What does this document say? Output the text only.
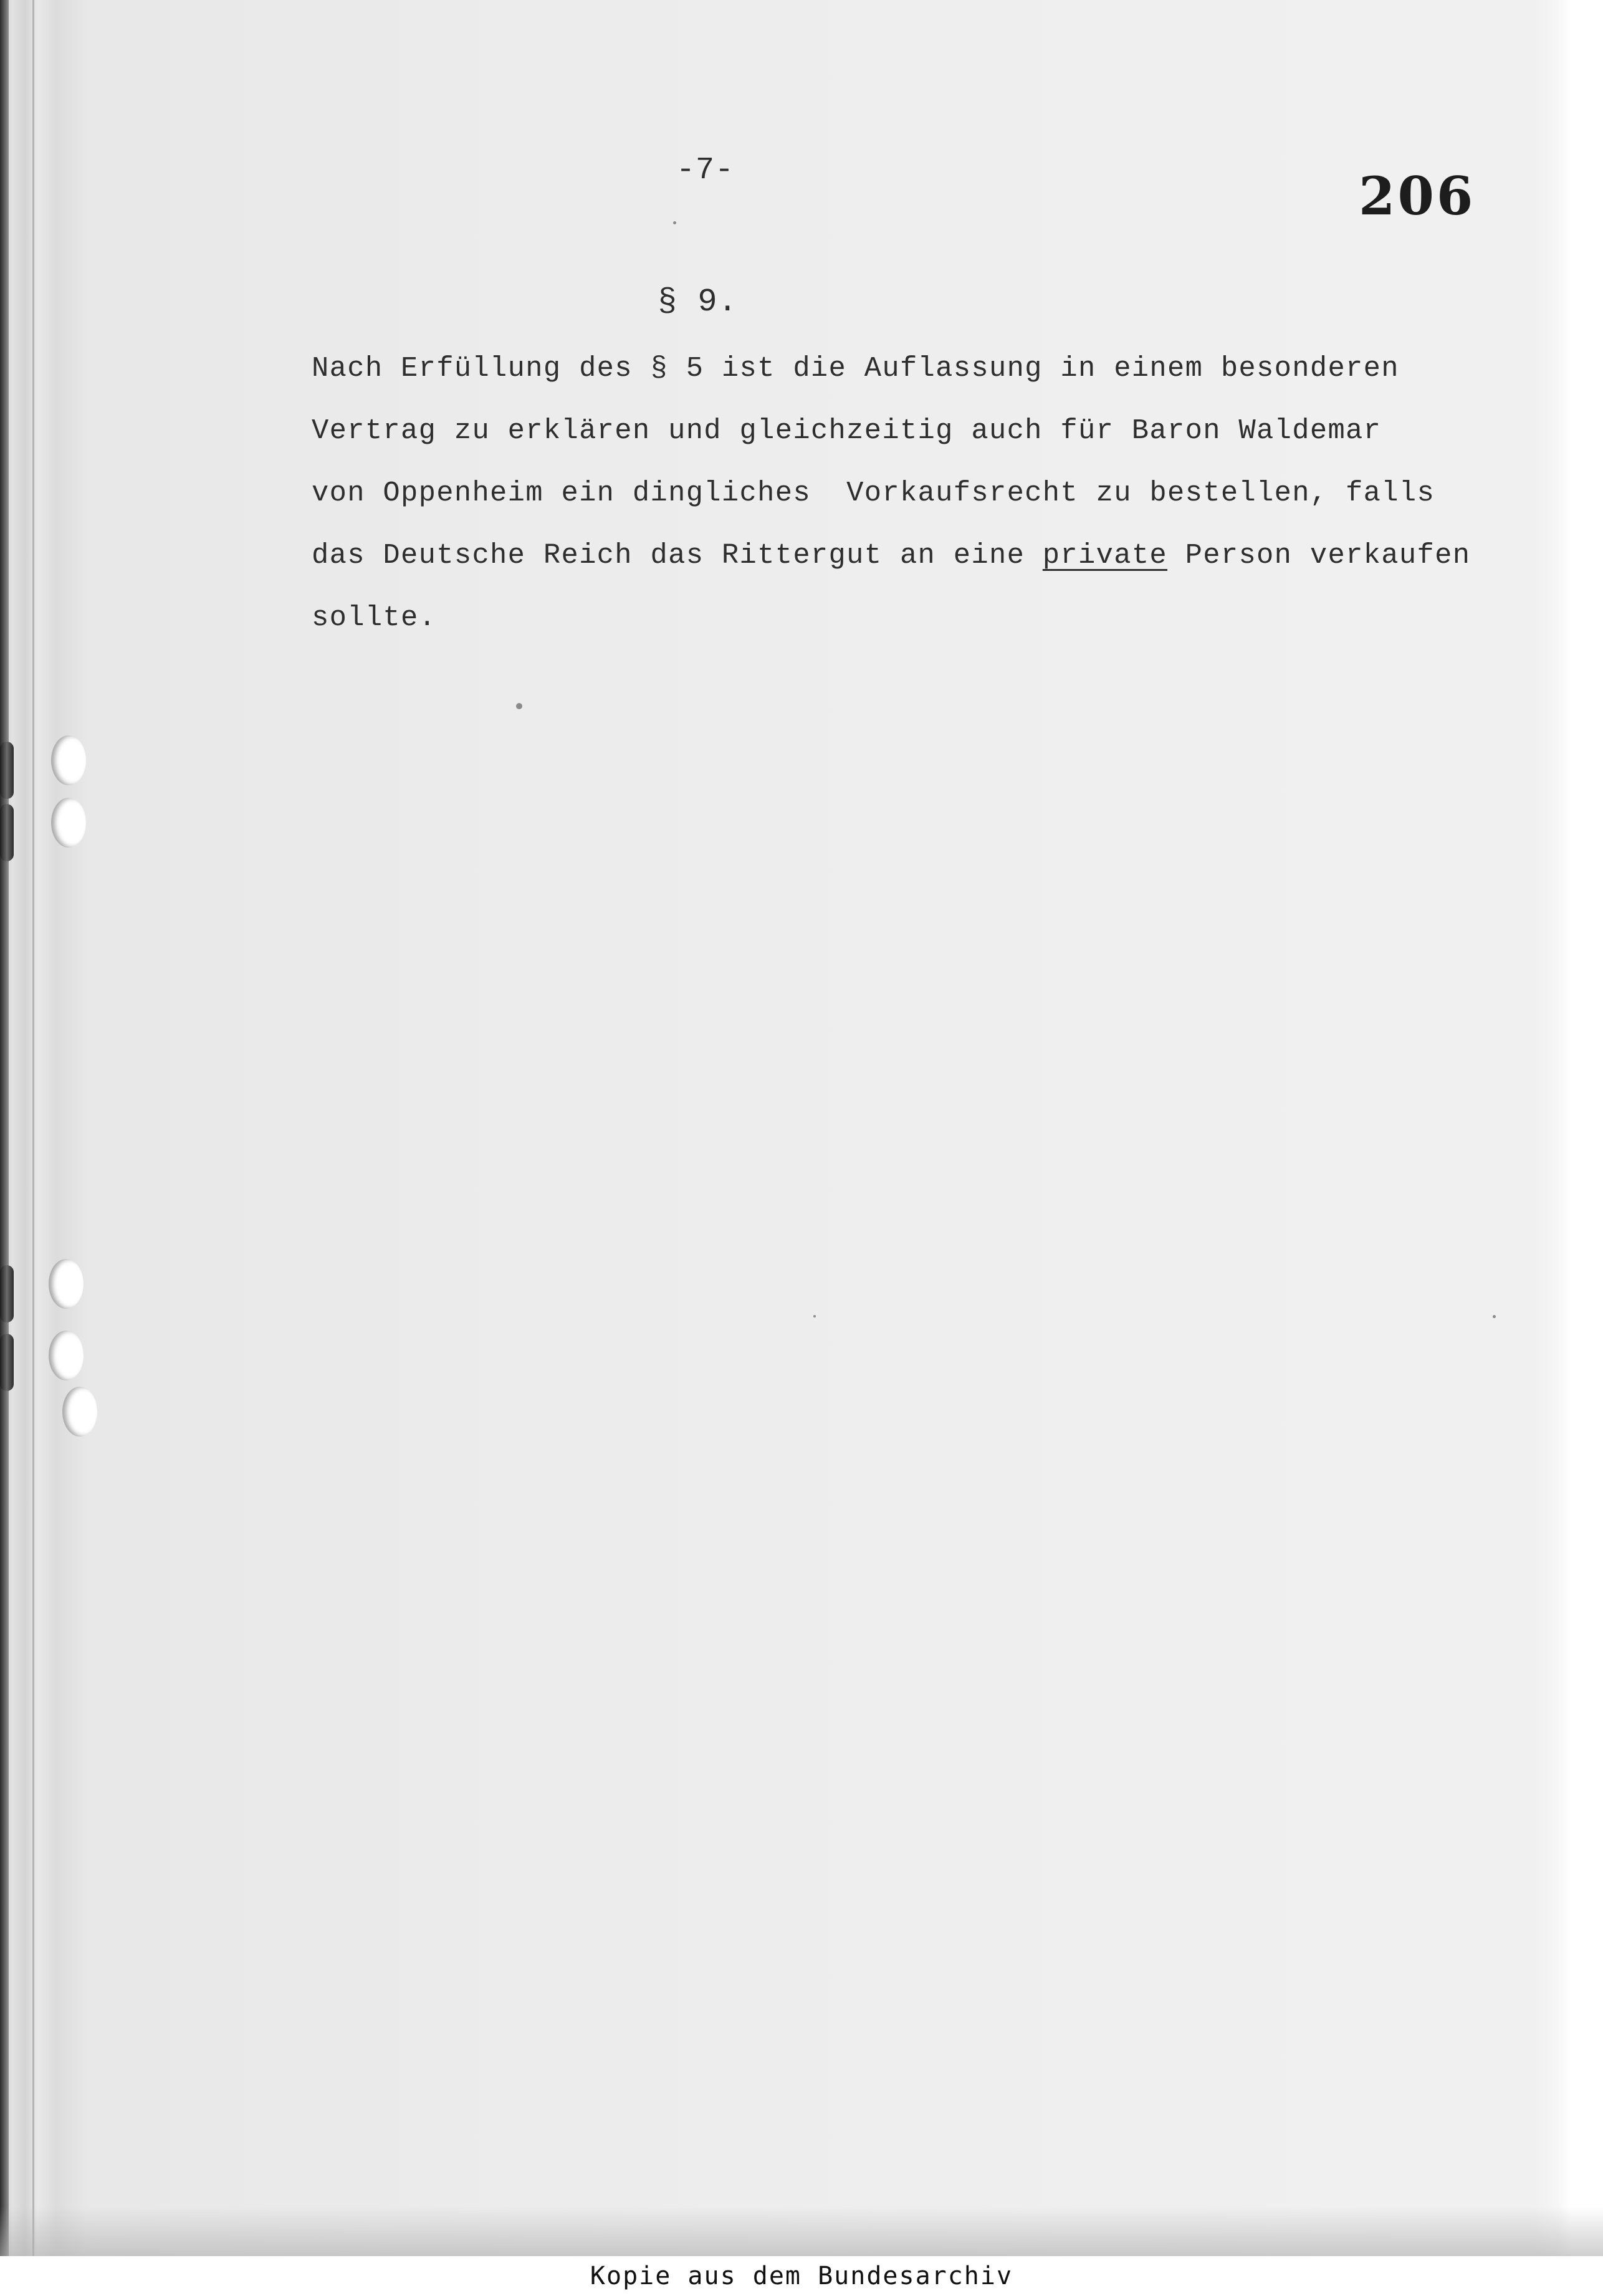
-7-	206
§ 9.
Nach Erfüllung des § 5 ist die Auflassung in einem besonderen
Vertrag zu erklären und gleichzeitig auch für Baron Waldemar
von Oppenheim ein dingliches  Vorkaufsrecht zu bestellen, falls
das Deutsche Reich das Rittergut an eine private Person verkaufen
sollte.
Kopie aus dem Bundesarchiv
